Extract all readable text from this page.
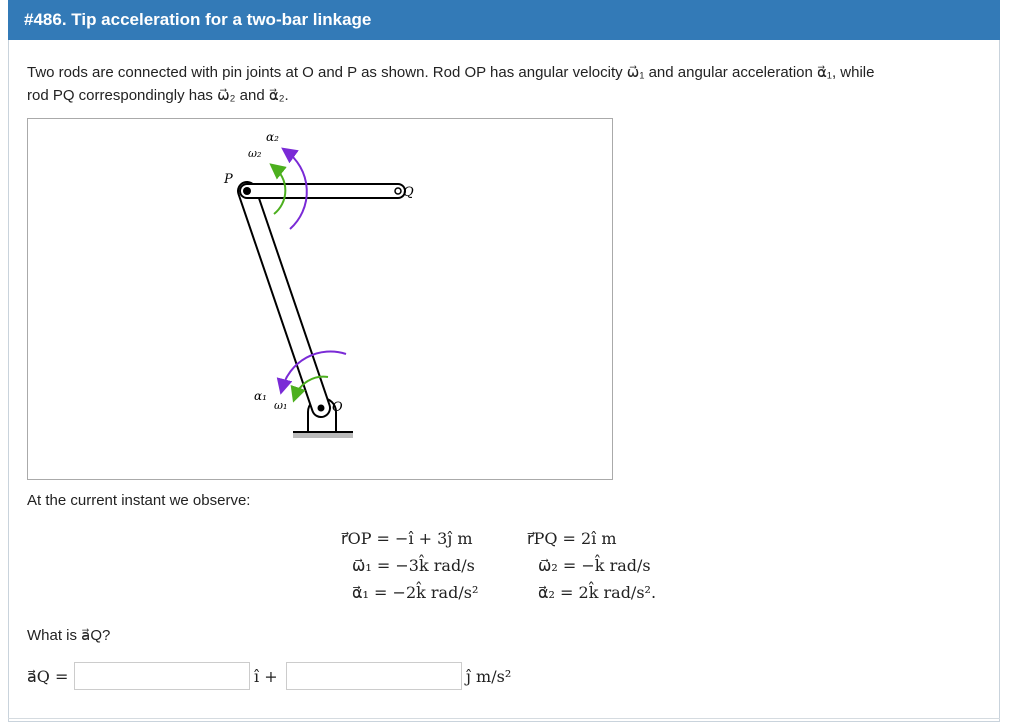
#486. Tip acceleration for a two-bar linkage
Two rods are connected with pin joints at O and P as shown. Rod OP has angular velocity ω⃗₁ and angular acceleration α⃗₁, while
rod PQ correspondingly has ω⃗₂ and α⃗₂.
P
Q
O
α₂
ω₂
α₁
ω₁
At the current instant we observe:
r⃗OP = −ı̂ + 3ȷ̂ m
ω⃗₁ = −3k̂ rad/s
α⃗₁ = −2k̂ rad/s²
r⃗PQ = 2ı̂ m
ω⃗₂ = −k̂ rad/s
α⃗₂ = 2k̂ rad/s².
What is a⃗Q?
a⃗Q =	ı̂ +	ȷ̂ m/s²
